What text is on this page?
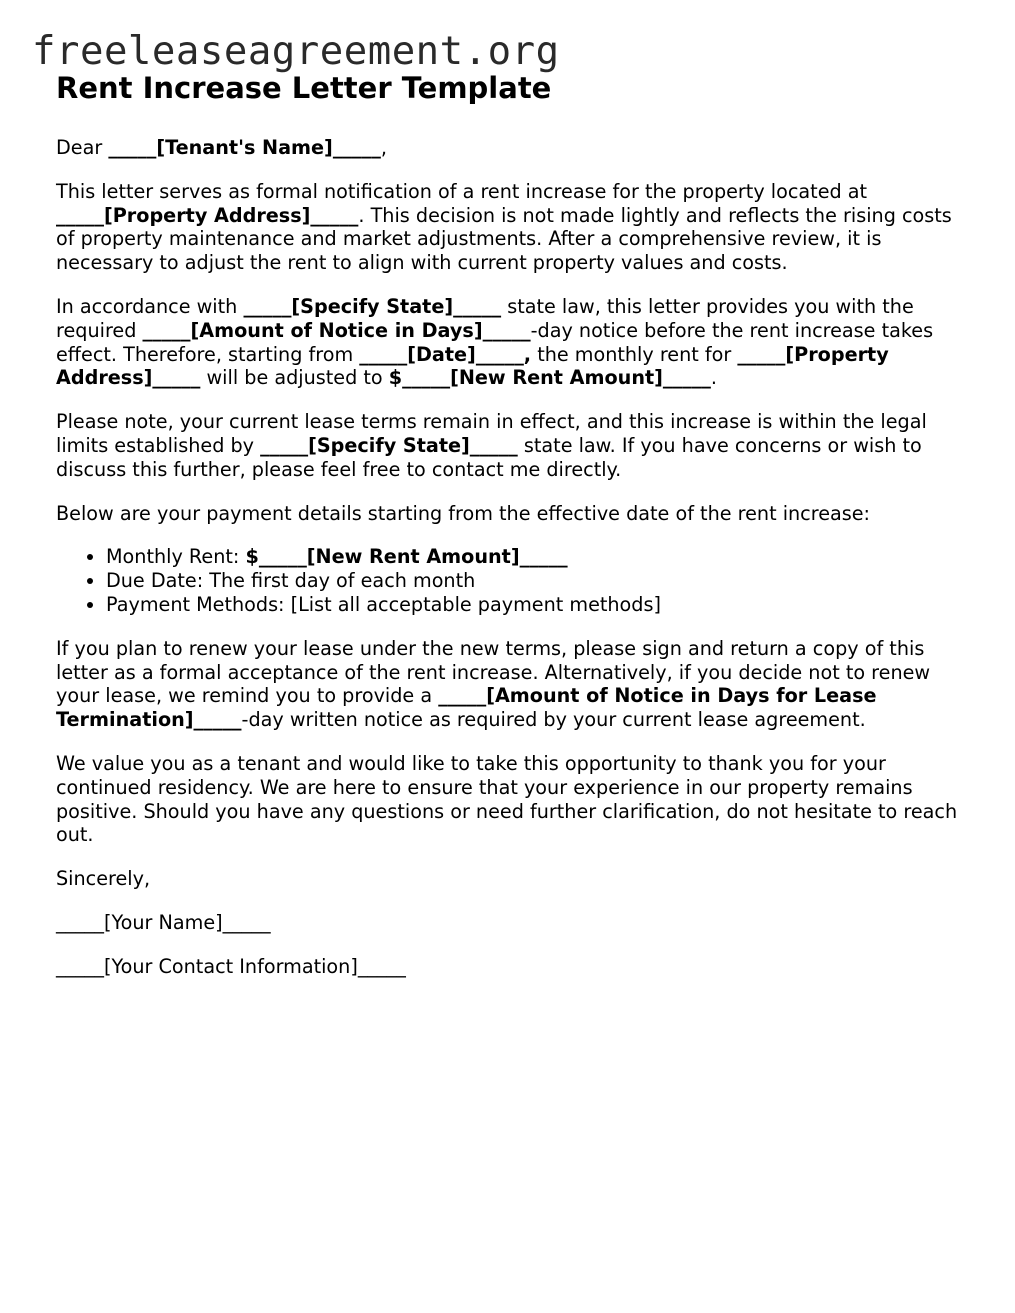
freeleaseagreement.org
Rent Increase Letter Template

Dear _____[Tenant's Name]_____,

This letter serves as formal notification of a rent increase for the property located at _____[Property Address]_____. This decision is not made lightly and reflects the rising costs of property maintenance and market adjustments. After a comprehensive review, it is necessary to adjust the rent to align with current property values and costs.

In accordance with _____[Specify State]_____ state law, this letter provides you with the required _____[Amount of Notice in Days]_____-day notice before the rent increase takes effect. Therefore, starting from _____[Date]_____, the monthly rent for _____[Property Address]_____ will be adjusted to $_____[New Rent Amount]_____.

Please note, your current lease terms remain in effect, and this increase is within the legal limits established by _____[Specify State]_____ state law. If you have concerns or wish to discuss this further, please feel free to contact me directly.

Below are your payment details starting from the effective date of the rent increase:

• Monthly Rent: $_____[New Rent Amount]_____
• Due Date: The first day of each month
• Payment Methods: [List all acceptable payment methods]

If you plan to renew your lease under the new terms, please sign and return a copy of this letter as a formal acceptance of the rent increase. Alternatively, if you decide not to renew your lease, we remind you to provide a _____[Amount of Notice in Days for Lease Termination]_____-day written notice as required by your current lease agreement.

We value you as a tenant and would like to take this opportunity to thank you for your continued residency. We are here to ensure that your experience in our property remains positive. Should you have any questions or need further clarification, do not hesitate to reach out.

Sincerely,

_____[Your Name]_____

_____[Your Contact Information]_____
